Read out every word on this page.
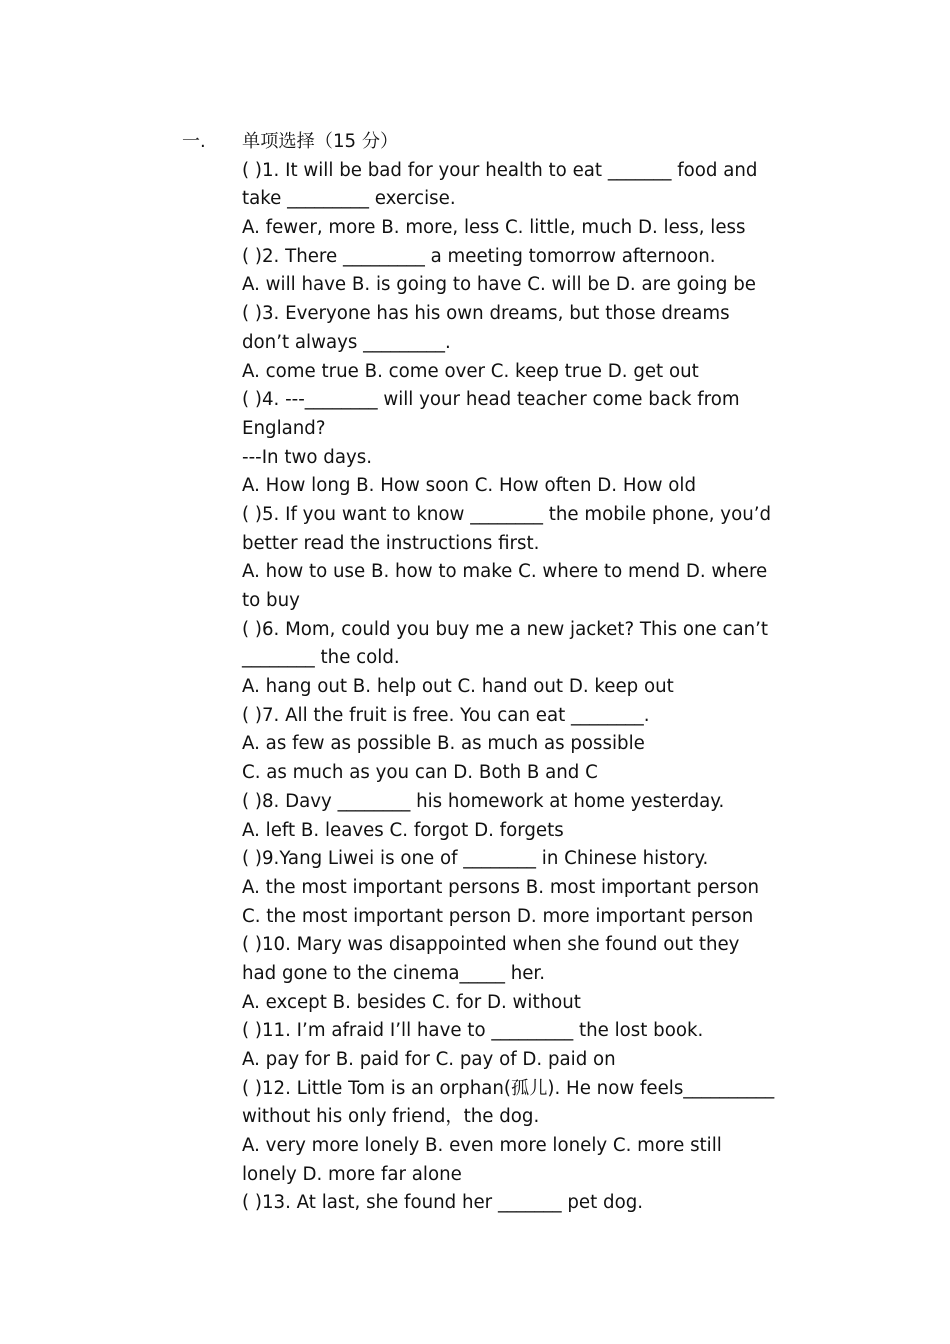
一. 单项选择（15 分）
( )1. It will be bad for your health to eat _______ food and
take _________ exercise.
A. fewer, more B. more, less C. little, much D. less, less
( )2. There _________ a meeting tomorrow afternoon.
A. will have B. is going to have C. will be D. are going be
( )3. Everyone has his own dreams, but those dreams
don’t always _________.
A. come true B. come over C. keep true D. get out
( )4. ---________ will your head teacher come back from
England?
---In two days.
A. How long B. How soon C. How often D. How old
( )5. If you want to know ________ the mobile phone, you’d
better read the instructions first.
A. how to use B. how to make C. where to mend D. where
to buy
( )6. Mom, could you buy me a new jacket? This one can’t
________ the cold.
A. hang out B. help out C. hand out D. keep out
( )7. All the fruit is free. You can eat ________.
A. as few as possible B. as much as possible
C. as much as you can D. Both B and C
( )8. Davy ________ his homework at home yesterday.
A. left B. leaves C. forgot D. forgets
( )9.Yang Liwei is one of ________ in Chinese history.
A. the most important persons B. most important person
C. the most important person D. more important person
( )10. Mary was disappointed when she found out they
had gone to the cinema_____ her.
A. except B. besides C. for D. without
( )11. I’m afraid I’ll have to _________ the lost book.
A. pay for B. paid for C. pay of D. paid on
( )12. Little Tom is an orphan(孤儿). He now feels__________
without his only friend，the dog.
A. very more lonely B. even more lonely C. more still
lonely D. more far alone
( )13. At last, she found her _______ pet dog.
